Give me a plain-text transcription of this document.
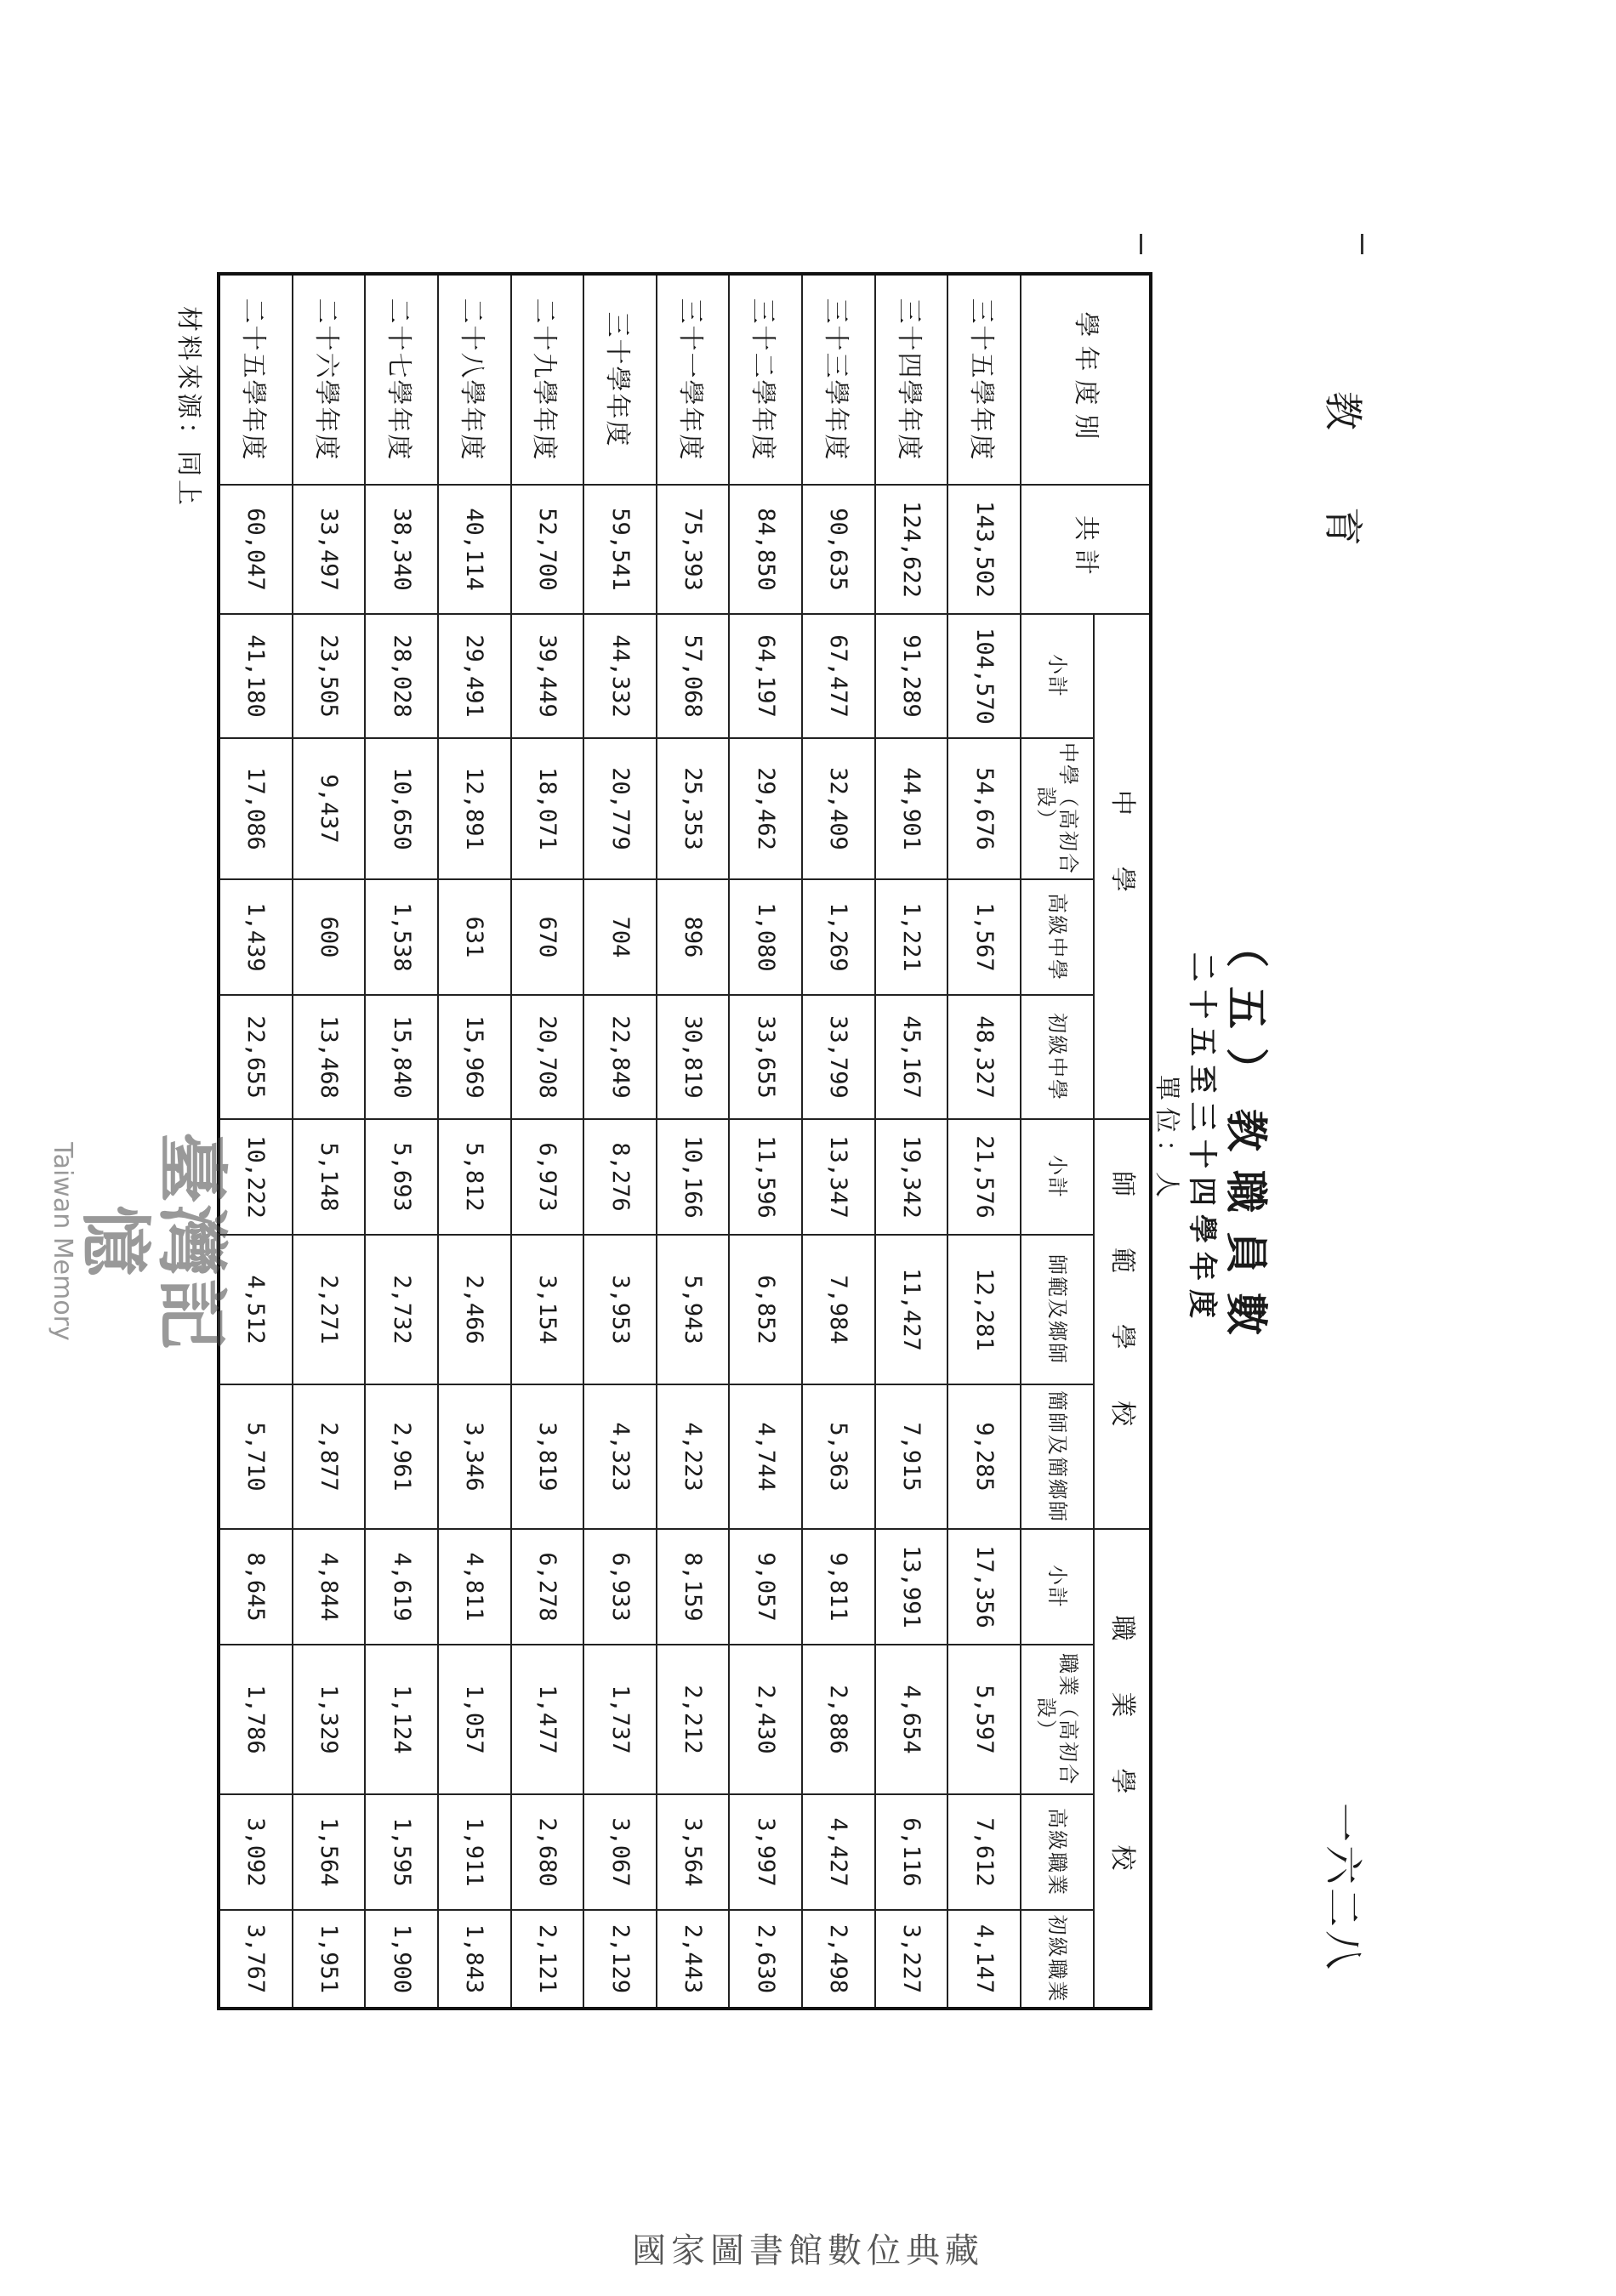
教育
一六二八
（五）教職員數
二十五至三十四學年度
單位：人
學年度別	共計	中學				師範學校			職業學校			
		小計	中學（高初合設）	高級中學	初級中學	小計	師範及鄉師	簡師及簡鄉師	小計	職業（高初合設）	高級職業	初級職業
三十五學年度	143,502	104,570	54,676	1,567	48,327	21,576	12,281	9,285	17,356	5,597	7,612	4,147
三十四學年度	124,622	91,289	44,901	1,221	45,167	19,342	11,427	7,915	13,991	4,654	6,116	3,227
三十三學年度	90,635	67,477	32,409	1,269	33,799	13,347	7,984	5,363	9,811	2,886	4,427	2,498
三十二學年度	84,850	64,197	29,462	1,080	33,655	11,596	6,852	4,744	9,057	2,430	3,997	2,630
三十一學年度	75,393	57,068	25,353	896	30,819	10,166	5,943	4,223	8,159	2,212	3,564	2,443
三十學年度	59,541	44,332	20,779	704	22,849	8,276	3,953	4,323	6,933	1,737	3,067	2,129
二十九學年度	52,700	39,449	18,071	670	20,708	6,973	3,154	3,819	6,278	1,477	2,680	2,121
二十八學年度	40,114	29,491	12,891	631	15,969	5,812	2,466	3,346	4,811	1,057	1,911	1,843
二十七學年度	38,340	28,028	10,650	1,538	15,840	5,693	2,732	2,961	4,619	1,124	1,595	1,900
二十六學年度	33,497	23,505	9,437	600	13,468	5,148	2,271	2,877	4,844	1,329	1,564	1,951
二十五學年度	60,047	41,180	17,086	1,439	22,655	10,222	4,512	5,710	8,645	1,786	3,092	3,767
材料來源：同上
臺灣記憶
Taiwan Memory
國家圖書館數位典藏
